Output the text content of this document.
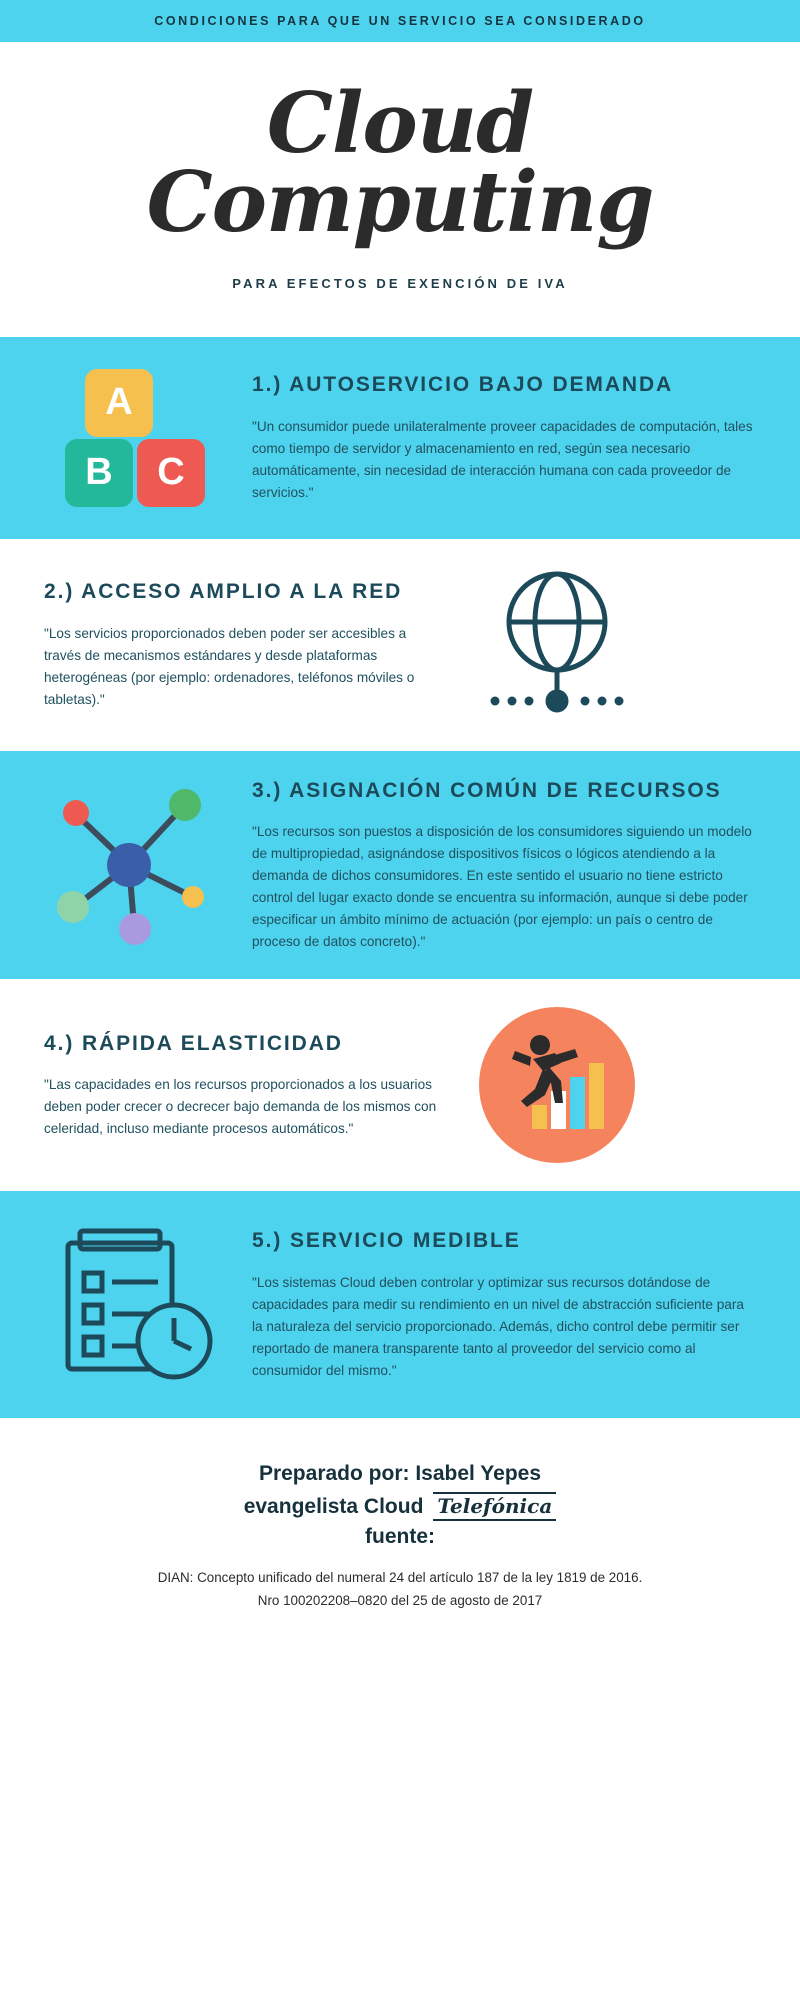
CONDICIONES PARA QUE UN SERVICIO SEA CONSIDERADO
Cloud Computing
PARA EFECTOS DE EXENCIÓN DE IVA
A
B	C
1.) AUTOSERVICIO BAJO DEMANDA
"Un consumidor puede unilateralmente proveer capacidades de computación, tales como tiempo de servidor y almacenamiento en red, según sea necesario automáticamente, sin necesidad de interacción humana con cada proveedor de servicios."
2.) ACCESO AMPLIO A LA RED
"Los servicios proporcionados deben poder ser accesibles a través de mecanismos estándares y desde plataformas heterogéneas (por ejemplo: ordenadores, teléfonos móviles o tabletas)."
3.) ASIGNACIÓN COMÚN DE RECURSOS
"Los recursos son puestos a disposición de los consumidores siguiendo un modelo de multipropiedad, asignándose dispositivos físicos o lógicos atendiendo a la demanda de dichos consumidores. En este sentido el usuario no tiene estricto control del lugar exacto donde se encuentra su información, aunque si debe poder especificar un ámbito mínimo de actuación (por ejemplo: un país o centro de proceso de datos concreto)."
4.) RÁPIDA ELASTICIDAD
"Las capacidades en los recursos proporcionados a los usuarios deben poder crecer o decrecer bajo demanda de los mismos con celeridad, incluso mediante procesos automáticos."
5.) SERVICIO MEDIBLE
"Los sistemas Cloud deben controlar y optimizar sus recursos dotándose de capacidades para medir su rendimiento en un nivel de abstracción suficiente para la naturaleza del servicio proporcionado. Además, dicho control debe permitir ser reportado de manera transparente tanto al proveedor del servicio como al consumidor del mismo."
Preparado por: Isabel Yepes
evangelista Cloud Telefónica
fuente:
DIAN: Concepto unificado del numeral 24 del artículo 187 de la ley 1819 de 2016.
Nro 100202208–0820 del 25 de agosto de 2017
